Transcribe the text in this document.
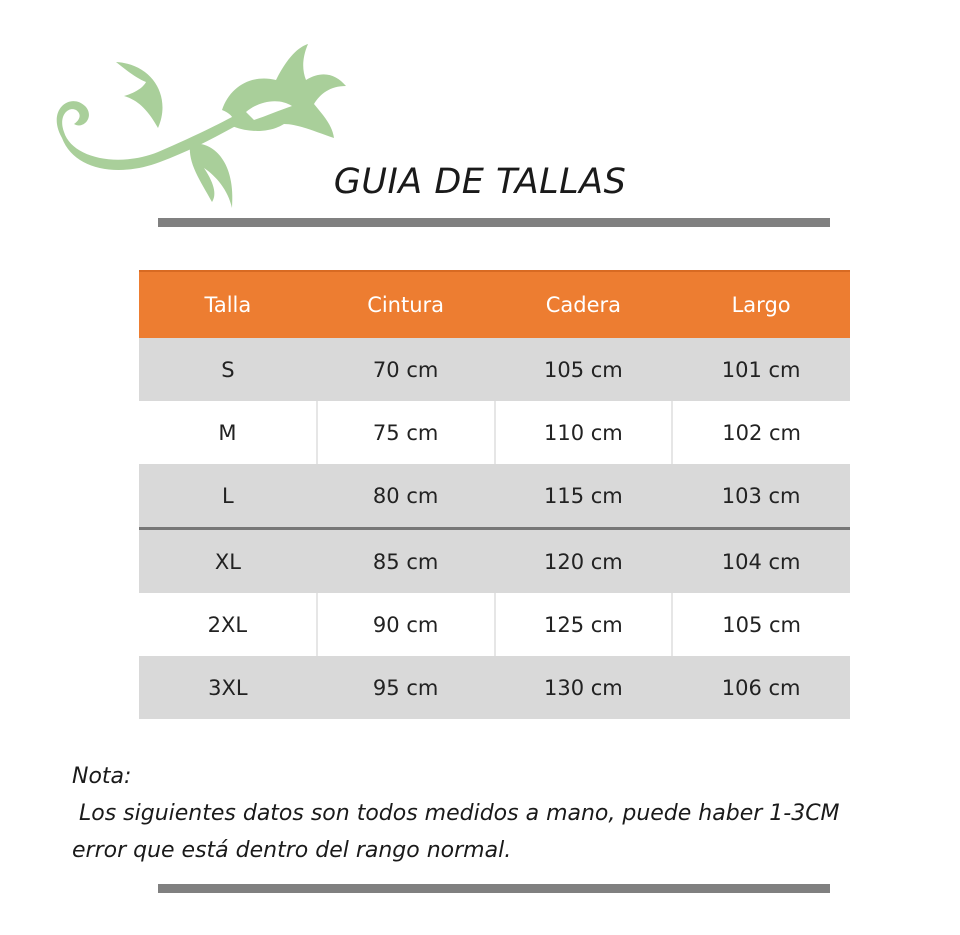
GUIA DE TALLAS
Talla	Cintura	Cadera	Largo
S	70 cm	105 cm	101 cm
M	75 cm	110 cm	102 cm
L	80 cm	115 cm	103 cm
XL	85 cm	120 cm	104 cm
2XL	90 cm	125 cm	105 cm
3XL	95 cm	130 cm	106 cm
Nota:
Los siguientes datos son todos medidos a mano, puede haber 1-3CM
error que está dentro del rango normal.
